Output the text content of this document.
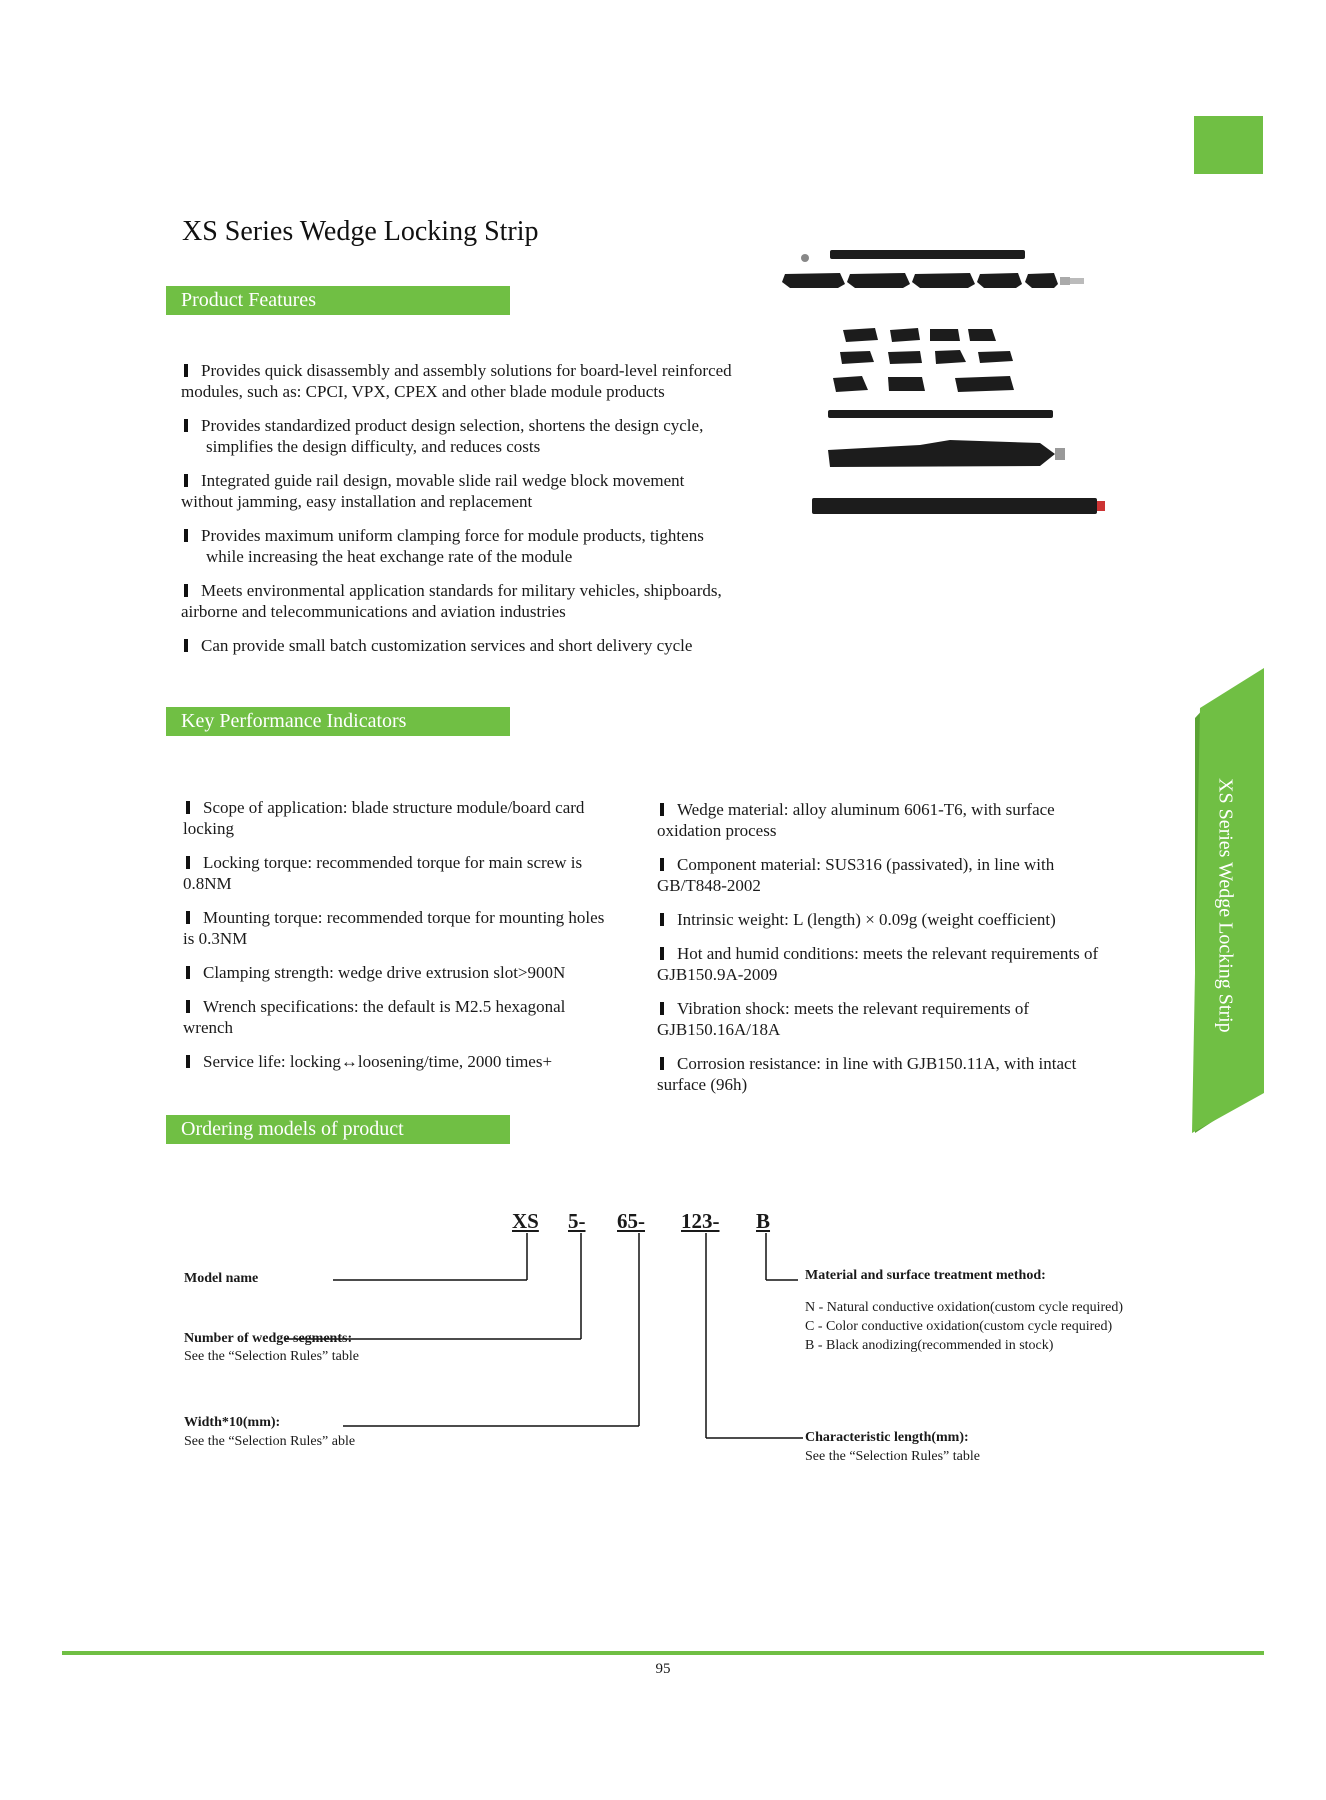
XS Series Wedge Locking Strip
Product Features
Provides quick disassembly and assembly solutions for board-level reinforced
modules, such as: CPCI, VPX, CPEX and other blade module products
Provides standardized product design selection, shortens the design cycle,
simplifies the design difficulty, and reduces costs
Integrated guide rail design, movable slide rail wedge block movement
without jamming, easy installation and replacement
Provides maximum uniform clamping force for module products, tightens
while increasing the heat exchange rate of the module
Meets environmental application standards for military vehicles, shipboards,
airborne and telecommunications and aviation industries
Can provide small batch customization services and short delivery cycle
Key Performance Indicators
Scope of application: blade structure module/board card
locking
Locking torque: recommended torque for main screw is
0.8NM
Mounting torque: recommended torque for mounting holes
is 0.3NM
Clamping strength: wedge drive extrusion slot>900N
Wrench specifications: the default is M2.5 hexagonal
wrench
Service life: locking↔loosening/time, 2000 times+
Wedge material: alloy aluminum 6061-T6, with surface
oxidation process
Component material: SUS316 (passivated), in line with
GB/T848-2002
Intrinsic weight: L (length) × 0.09g (weight coefficient)
Hot and humid conditions: meets the relevant requirements of
GJB150.9A-2009
Vibration shock: meets the relevant requirements of
GJB150.16A/18A
Corrosion resistance: in line with GJB150.11A, with intact
surface (96h)
XS Series Wedge Locking Strip
Ordering models of product
XS 5- 65- 123- B
Model name
Number of wedge segments:
See the “Selection Rules” table
Width*10(mm):
See the “Selection Rules” able
Material and surface treatment method:
N - Natural conductive oxidation(custom cycle required)
C - Color conductive oxidation(custom cycle required)
B - Black anodizing(recommended in stock)
Characteristic length(mm):
See the “Selection Rules” table
95
